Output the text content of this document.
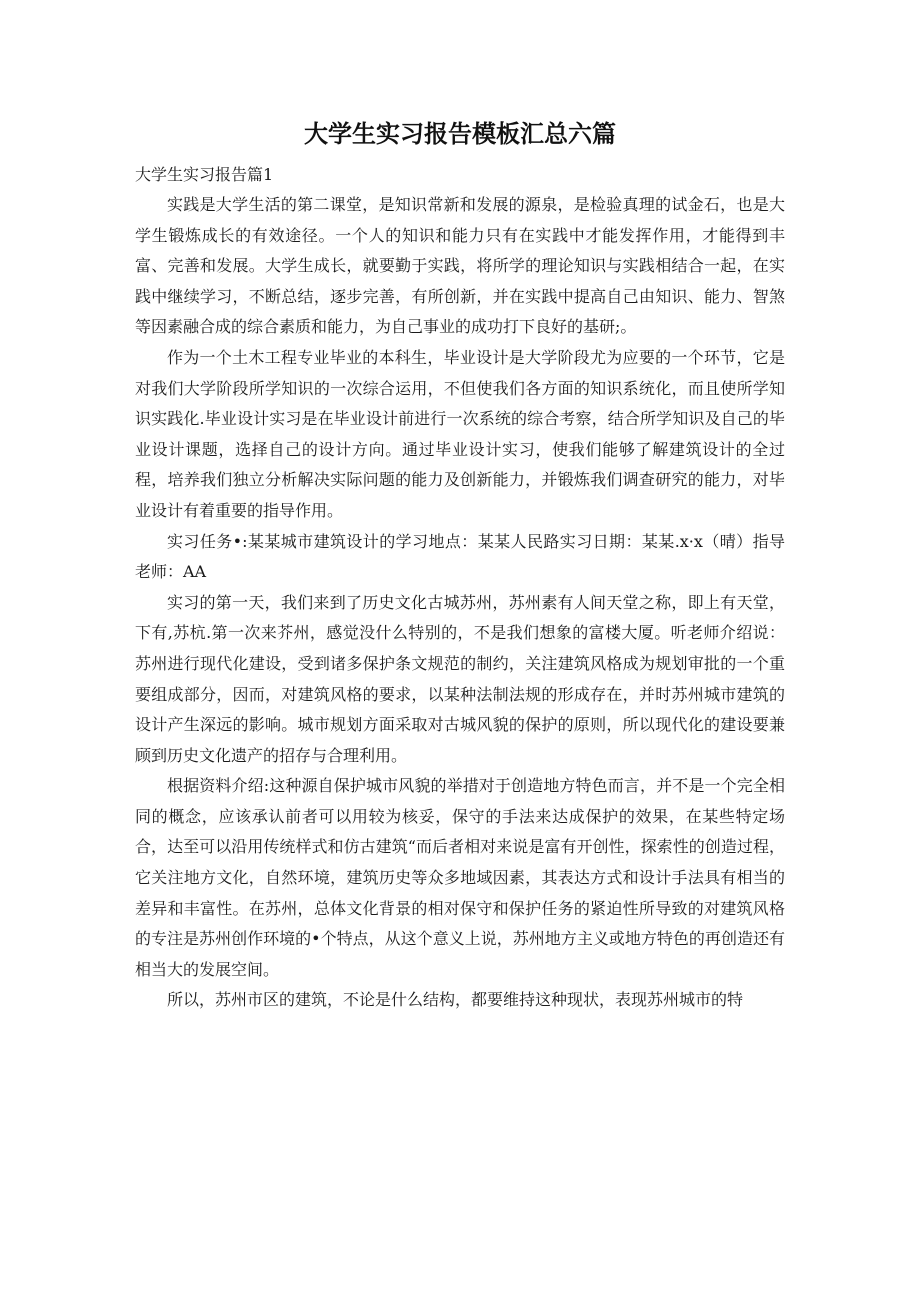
大学生实习报告模板汇总六篇

大学生实习报告篇1

实践是大学生活的第二课堂，是知识常新和发展的源泉，是检验真理的试金石，也是大学生锻炼成长的有效途径。一个人的知识和能力只有在实践中才能发挥作用，才能得到丰富、完善和发展。大学生成长，就要勤于实践，将所学的理论知识与实践相结合一起，在实践中继续学习，不断总结，逐步完善，有所创新，并在实践中提高自己由知识、能力、智煞等因素融合成的综合素质和能力，为自己事业的成功打下良好的基研;。

作为一个土木工程专业毕业的本科生，毕业设计是大学阶段尤为应要的一个环节，它是对我们大学阶段所学知识的一次综合运用，不但使我们各方面的知识系统化，而且使所学知识实践化.毕业设计实习是在毕业设计前进行一次系统的综合考察，结合所学知识及自己的毕业设计课题，选择自己的设计方向。通过毕业设计实习，使我们能够了解建筑设计的全过程，培养我们独立分析解决实际问题的能力及创新能力，并锻炼我们调查研究的能力，对毕业设计有着重要的指导作用。

实习任务•:某某城市建筑设计的学习地点：某某人民路实习日期：某某.x·x（晴）指导老师：AA

实习的第一天，我们来到了历史文化古城苏州，苏州素有人间天堂之称，即上有天堂，下有,苏杭.第一次来芥州，感觉没什么特别的，不是我们想象的富楼大厦。听老师介绍说：苏州进行现代化建设，受到诸多保护条文规范的制约，关注建筑风格成为规划审批的一个重要组成部分，因而，对建筑风格的要求，以某种法制法规的形成存在，并时苏州城市建筑的设计产生深远的影响。城市规划方面采取对古城风貌的保护的原则，所以现代化的建设要兼顾到历史文化遗产的招存与合理利用。

根据资料介绍:这种源自保护城市风貌的举措对于创造地方特色而言，并不是一个完全相同的概念，应该承认前者可以用较为核妥，保守的手法来达成保护的效果，在某些特定场合，达至可以沿用传统样式和仿古建筑“而后者相对来说是富有开创性，探索性的创造过程，它关注地方文化，自然环境，建筑历史等众多地域因素，其表达方式和设计手法具有相当的差异和丰富性。在苏州，总体文化背景的相对保守和保护任务的紧迫性所导致的对建筑风格的专注是苏州创作环境的•个特点，从这个意义上说，苏州地方主义或地方特色的再创造还有相当大的发展空间。

所以，苏州市区的建筑，不论是什么结构，都要维持这种现状，表现苏州城市的特
